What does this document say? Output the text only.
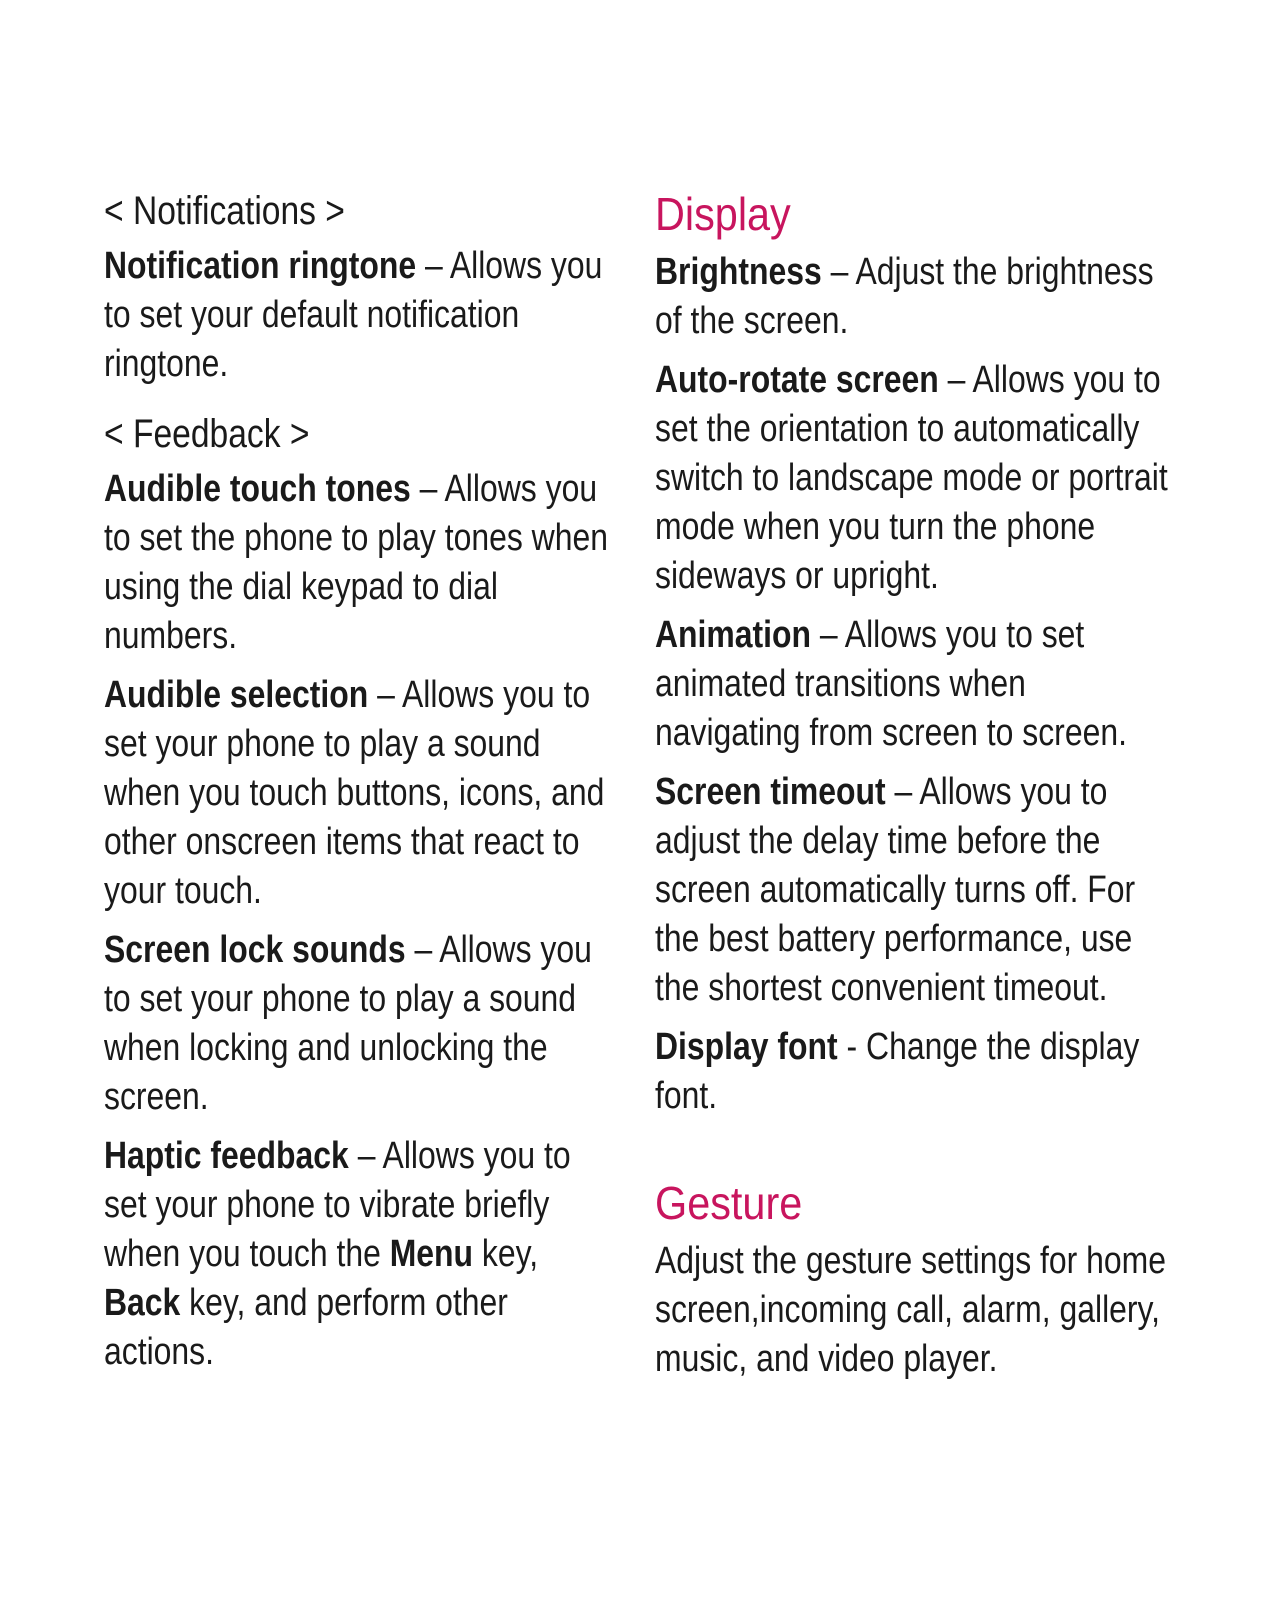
< Notifications >
Notification ringtone – Allows you to set your default notification ringtone.
< Feedback >
Audible touch tones – Allows you to set the phone to play tones when using the dial keypad to dial numbers.
Audible selection – Allows you to set your phone to play a sound when you touch buttons, icons, and other onscreen items that react to your touch.
Screen lock sounds – Allows you to set your phone to play a sound when locking and unlocking the screen.
Haptic feedback – Allows you to set your phone to vibrate briefly when you touch the Menu key, Back key, and perform other actions.
Display
Brightness – Adjust the brightness of the screen.
Auto-rotate screen – Allows you to set the orientation to automatically switch to landscape mode or portrait mode when you turn the phone sideways or upright.
Animation – Allows you to set animated transitions when navigating from screen to screen.
Screen timeout – Allows you to adjust the delay time before the screen automatically turns off. For the best battery performance, use the shortest convenient timeout.
Display font - Change the display font.
Gesture
Adjust the gesture settings for home screen,incoming call, alarm, gallery, music, and video player.
